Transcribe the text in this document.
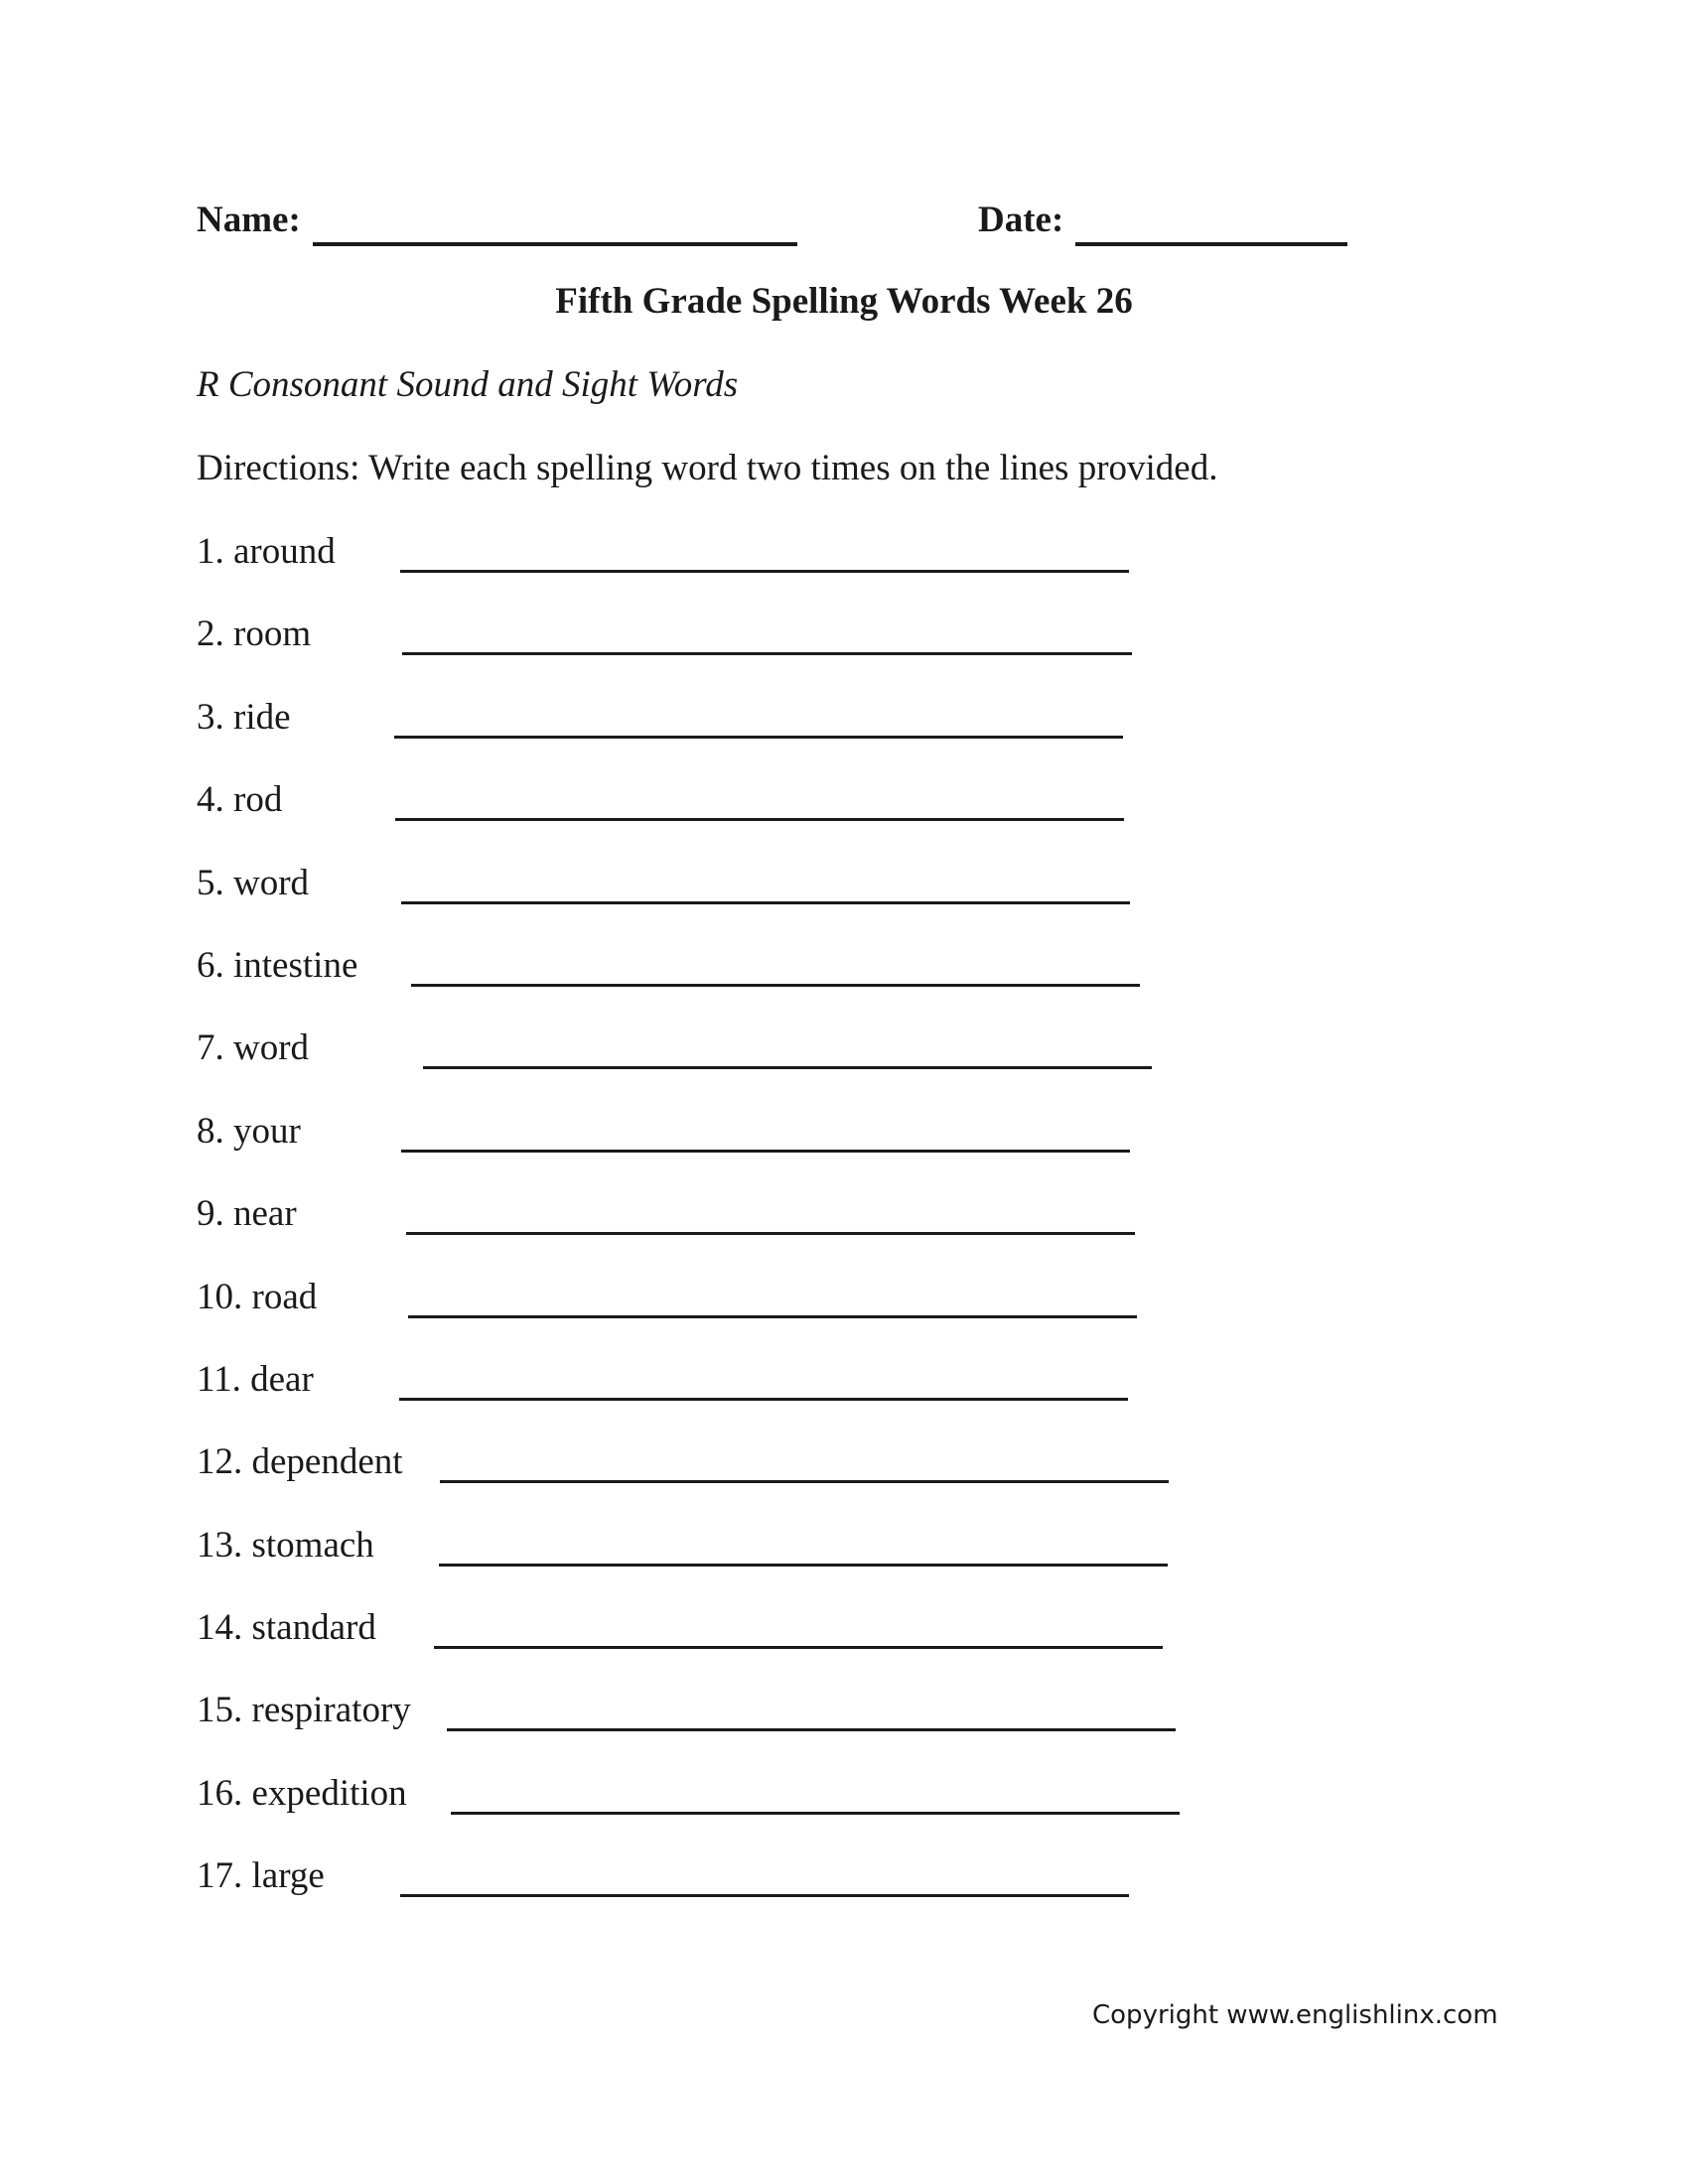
Name:	Date:
Fifth Grade Spelling Words Week 26
R Consonant Sound and Sight Words
Directions: Write each spelling word two times on the lines provided.
1. around
2. room
3. ride
4. rod
5. word
6. intestine
7. word
8. your
9. near
10. road
11. dear
12. dependent
13. stomach
14. standard
15. respiratory
16. expedition
17. large
Copyright www.englishlinx.com
